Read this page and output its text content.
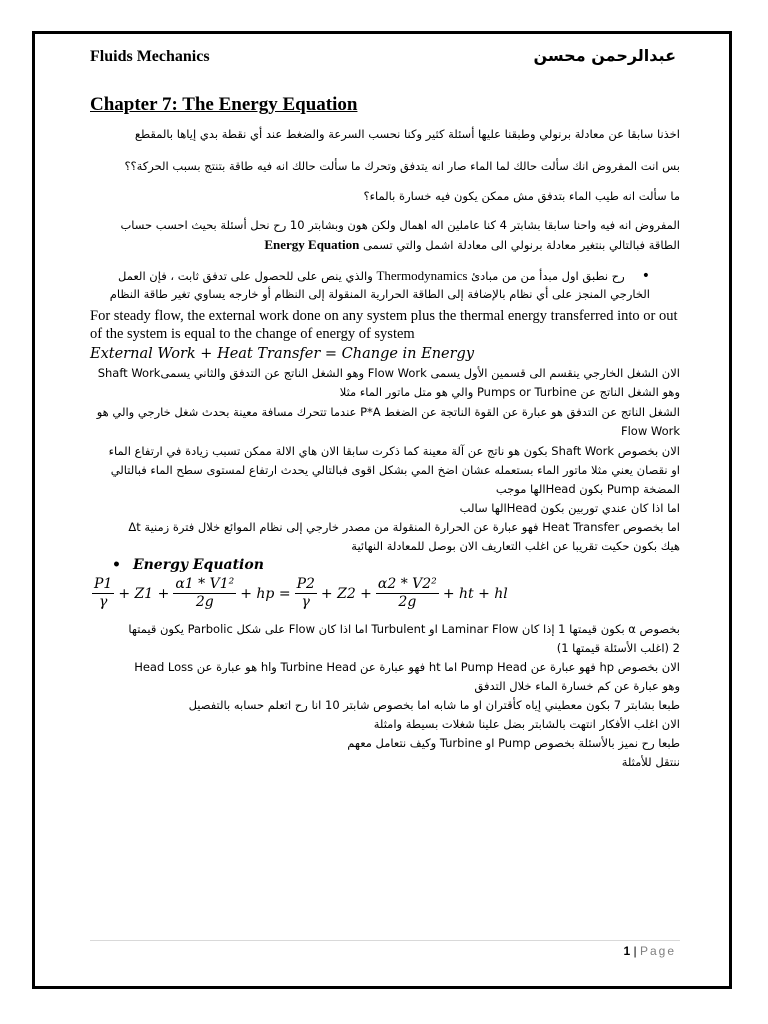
Fluids Mechanics	عبدالرحمن محسن
Chapter 7: The Energy Equation
اخذنا سابقا عن معادلة برنولي وطبقنا عليها أسئلة كثير وكنا نحسب السرعة والضغط عند أي نقطة بدي إياها بالمقطع
بس انت المفروض انك سألت حالك لما الماء صار انه يتدفق وتحرك ما سألت حالك انه فيه طاقة بتنتج بسبب الحركة؟؟
ما سألت انه طيب الماء بتدفق مش ممكن يكون فيه خسارة بالماء؟
المفروض انه فيه واحنا سابقا بشابتر 4 كنا عاملين اله اهمال ولكن هون وبشابتر 10 رح نحل أسئلة بحيث احسب حساب
الطاقة فبالتالي بنتغير معادلة برنولي الى معادلة اشمل والتي تسمى Energy Equation
•    رح نطبق اول مبدأ من من مبادئ Thermodynamics والذي ينص على للحصول على تدفق ثابت ، فإن العمل
الخارجي المنجز على أي نظام بالإضافة إلى الطاقة الحرارية المنقولة إلى النظام أو خارجه يساوي تغير طاقة النظام
For steady flow, the external work done on any system plus the thermal energy transferred into or out of the system is equal to the change of energy of system
External Work + Heat Transfer = Change in Energy
الان الشغل الخارجي ينقسم الى قسمين الأول يسمى Flow Work وهو الشغل الناتج عن التدفق والثاني يسمىShaft Work
وهو الشغل الناتج عن Pumps or Turbine والي هو متل ماتور الماء مثلا
الشغل الناتج عن التدفق هو عبارة عن القوة الناتجة عن الضغط P*A عندما تتحرك مسافة معينة بحدث شغل خارجي والي هو
Flow Work
الان بخصوص Shaft Work بكون هو ناتج عن آلة معينة كما ذكرت سابقا الان هاي الالة ممكن تسبب زيادة في ارتفاع الماء
او نقصان يعني مثلا ماتور الماء بستعمله عشان اضخ المي بشكل اقوى فبالتالي يحدث ارتفاع لمستوى سطح الماء فبالتالي
المضخة Pump بكون Headالها موجب
اما اذا كان عندي توربين بكون Headالها سالب
اما بخصوص Heat Transfer فهو عبارة عن الحرارة المنقولة من مصدر خارجي إلى نظام الموائع خلال فترة زمنية Δt
هيك بكون حكيت تقريبا عن اغلب التعاريف الان بوصل للمعادلة النهائية
• Energy Equation
$\frac{P1}{\gamma} + Z1 + \frac{\text{α1 * V1²}}{2g}$ + hp = $\frac{P2}{\gamma} + Z2 + \frac{\text{α2 * V2²}}{2g}$ + ht + hl
بخصوص α بكون قيمتها 1 إذا كان Laminar Flow او Turbulent اما اذا كان Flow على شكل Parbolic يكون قيمتها
2 (اغلب الأسئلة قيمتها 1)
الان بخصوص hp فهو عبارة عن Pump Head اما ht فهو عبارة عن Turbine Head وhl هو عبارة عن Head Loss
وهو عبارة عن كم خسارة الماء خلال التدفق
طبعا بشابتر 7 بكون معطيني إياه كأقتران او ما شابه اما بخصوص شابتر 10 انا رح اتعلم حسابه بالتفصيل
الان اغلب الأفكار انتهت بالشابتر بضل علينا شغلات بسيطة وامثلة
طبعا رح نميز بالأسئلة بخصوص Pump او Turbine وكيف نتعامل معهم
ننتقل للأمثلة
1 | Page
